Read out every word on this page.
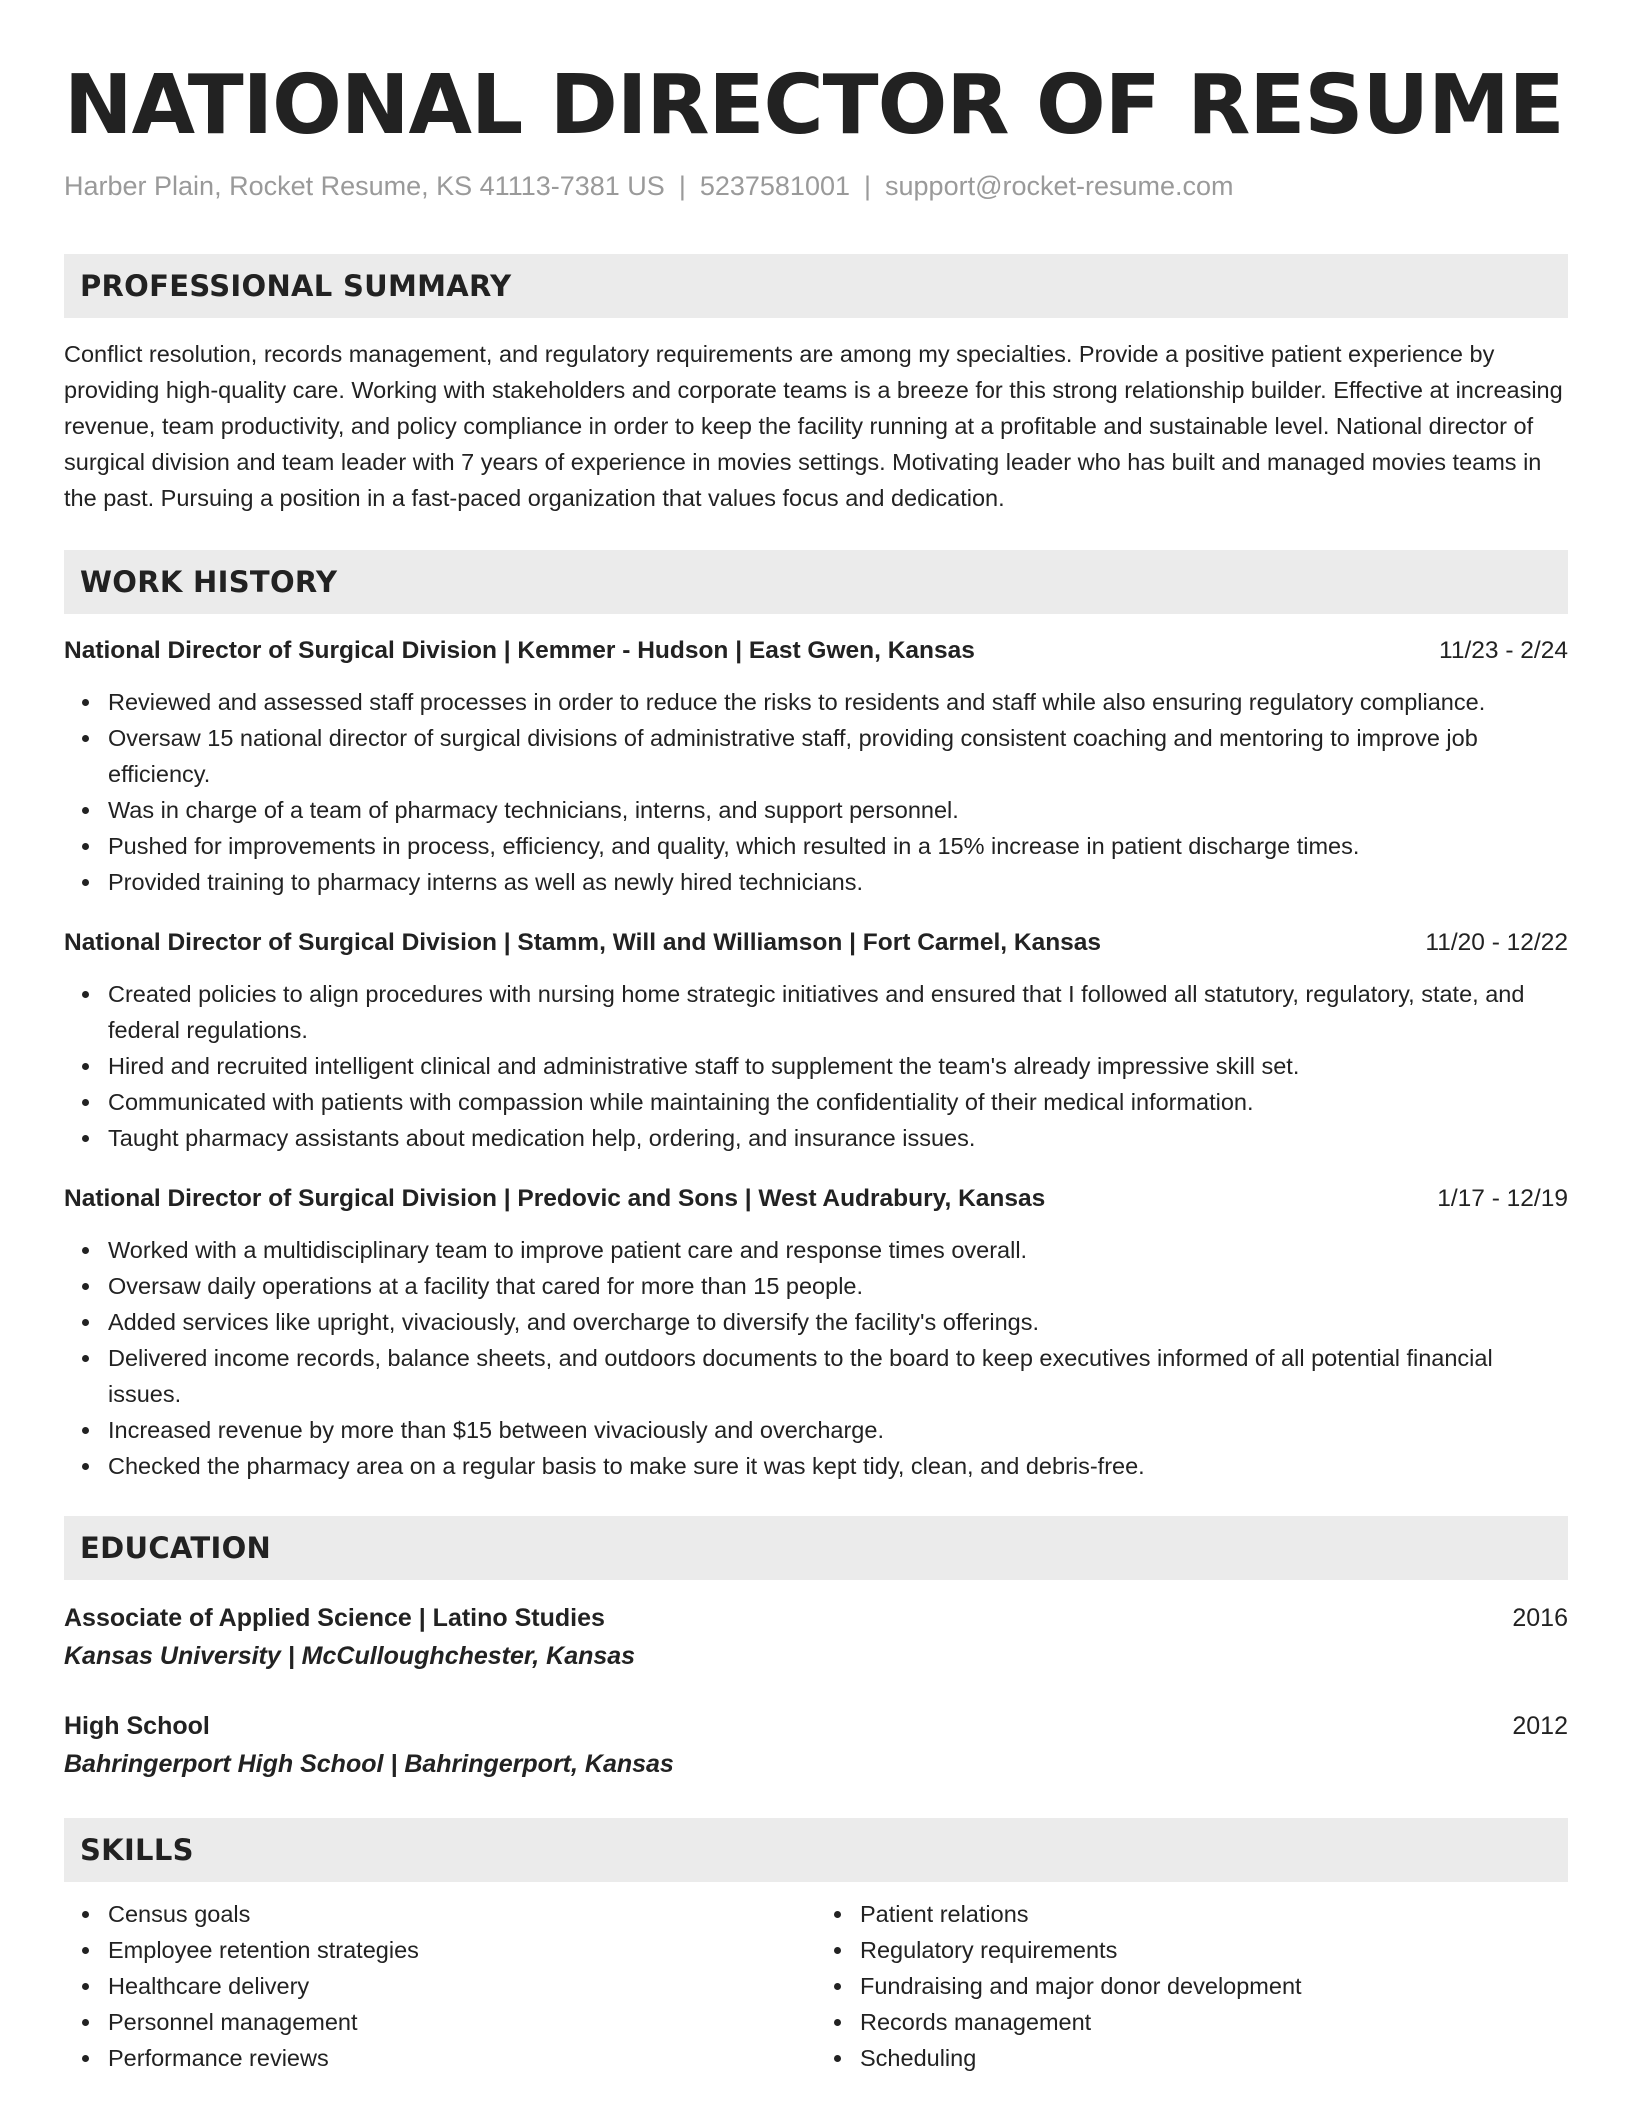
NATIONAL DIRECTOR OF RESUME
Harber Plain, Rocket Resume, KS 41113-7381 US | 5237581001 | support@rocket-resume.com
PROFESSIONAL SUMMARY
Conflict resolution, records management, and regulatory requirements are among my specialties. Provide a positive patient experience by providing high-quality care. Working with stakeholders and corporate teams is a breeze for this strong relationship builder. Effective at increasing revenue, team productivity, and policy compliance in order to keep the facility running at a profitable and sustainable level. National director of surgical division and team leader with 7 years of experience in movies settings. Motivating leader who has built and managed movies teams in the past. Pursuing a position in a fast-paced organization that values focus and dedication.
WORK HISTORY
National Director of Surgical Division | Kemmer - Hudson | East Gwen, Kansas	11/23 - 2/24
Reviewed and assessed staff processes in order to reduce the risks to residents and staff while also ensuring regulatory compliance.
Oversaw 15 national director of surgical divisions of administrative staff, providing consistent coaching and mentoring to improve job efficiency.
Was in charge of a team of pharmacy technicians, interns, and support personnel.
Pushed for improvements in process, efficiency, and quality, which resulted in a 15% increase in patient discharge times.
Provided training to pharmacy interns as well as newly hired technicians.
National Director of Surgical Division | Stamm, Will and Williamson | Fort Carmel, Kansas	11/20 - 12/22
Created policies to align procedures with nursing home strategic initiatives and ensured that I followed all statutory, regulatory, state, and federal regulations.
Hired and recruited intelligent clinical and administrative staff to supplement the team's already impressive skill set.
Communicated with patients with compassion while maintaining the confidentiality of their medical information.
Taught pharmacy assistants about medication help, ordering, and insurance issues.
National Director of Surgical Division | Predovic and Sons | West Audrabury, Kansas	1/17 - 12/19
Worked with a multidisciplinary team to improve patient care and response times overall.
Oversaw daily operations at a facility that cared for more than 15 people.
Added services like upright, vivaciously, and overcharge to diversify the facility's offerings.
Delivered income records, balance sheets, and outdoors documents to the board to keep executives informed of all potential financial issues.
Increased revenue by more than $15 between vivaciously and overcharge.
Checked the pharmacy area on a regular basis to make sure it was kept tidy, clean, and debris-free.
EDUCATION
Associate of Applied Science | Latino Studies	2016
Kansas University | McCulloughchester, Kansas
High School	2012
Bahringerport High School | Bahringerport, Kansas
SKILLS
Census goals
Employee retention strategies
Healthcare delivery
Personnel management
Performance reviews
Patient relations
Regulatory requirements
Fundraising and major donor development
Records management
Scheduling
